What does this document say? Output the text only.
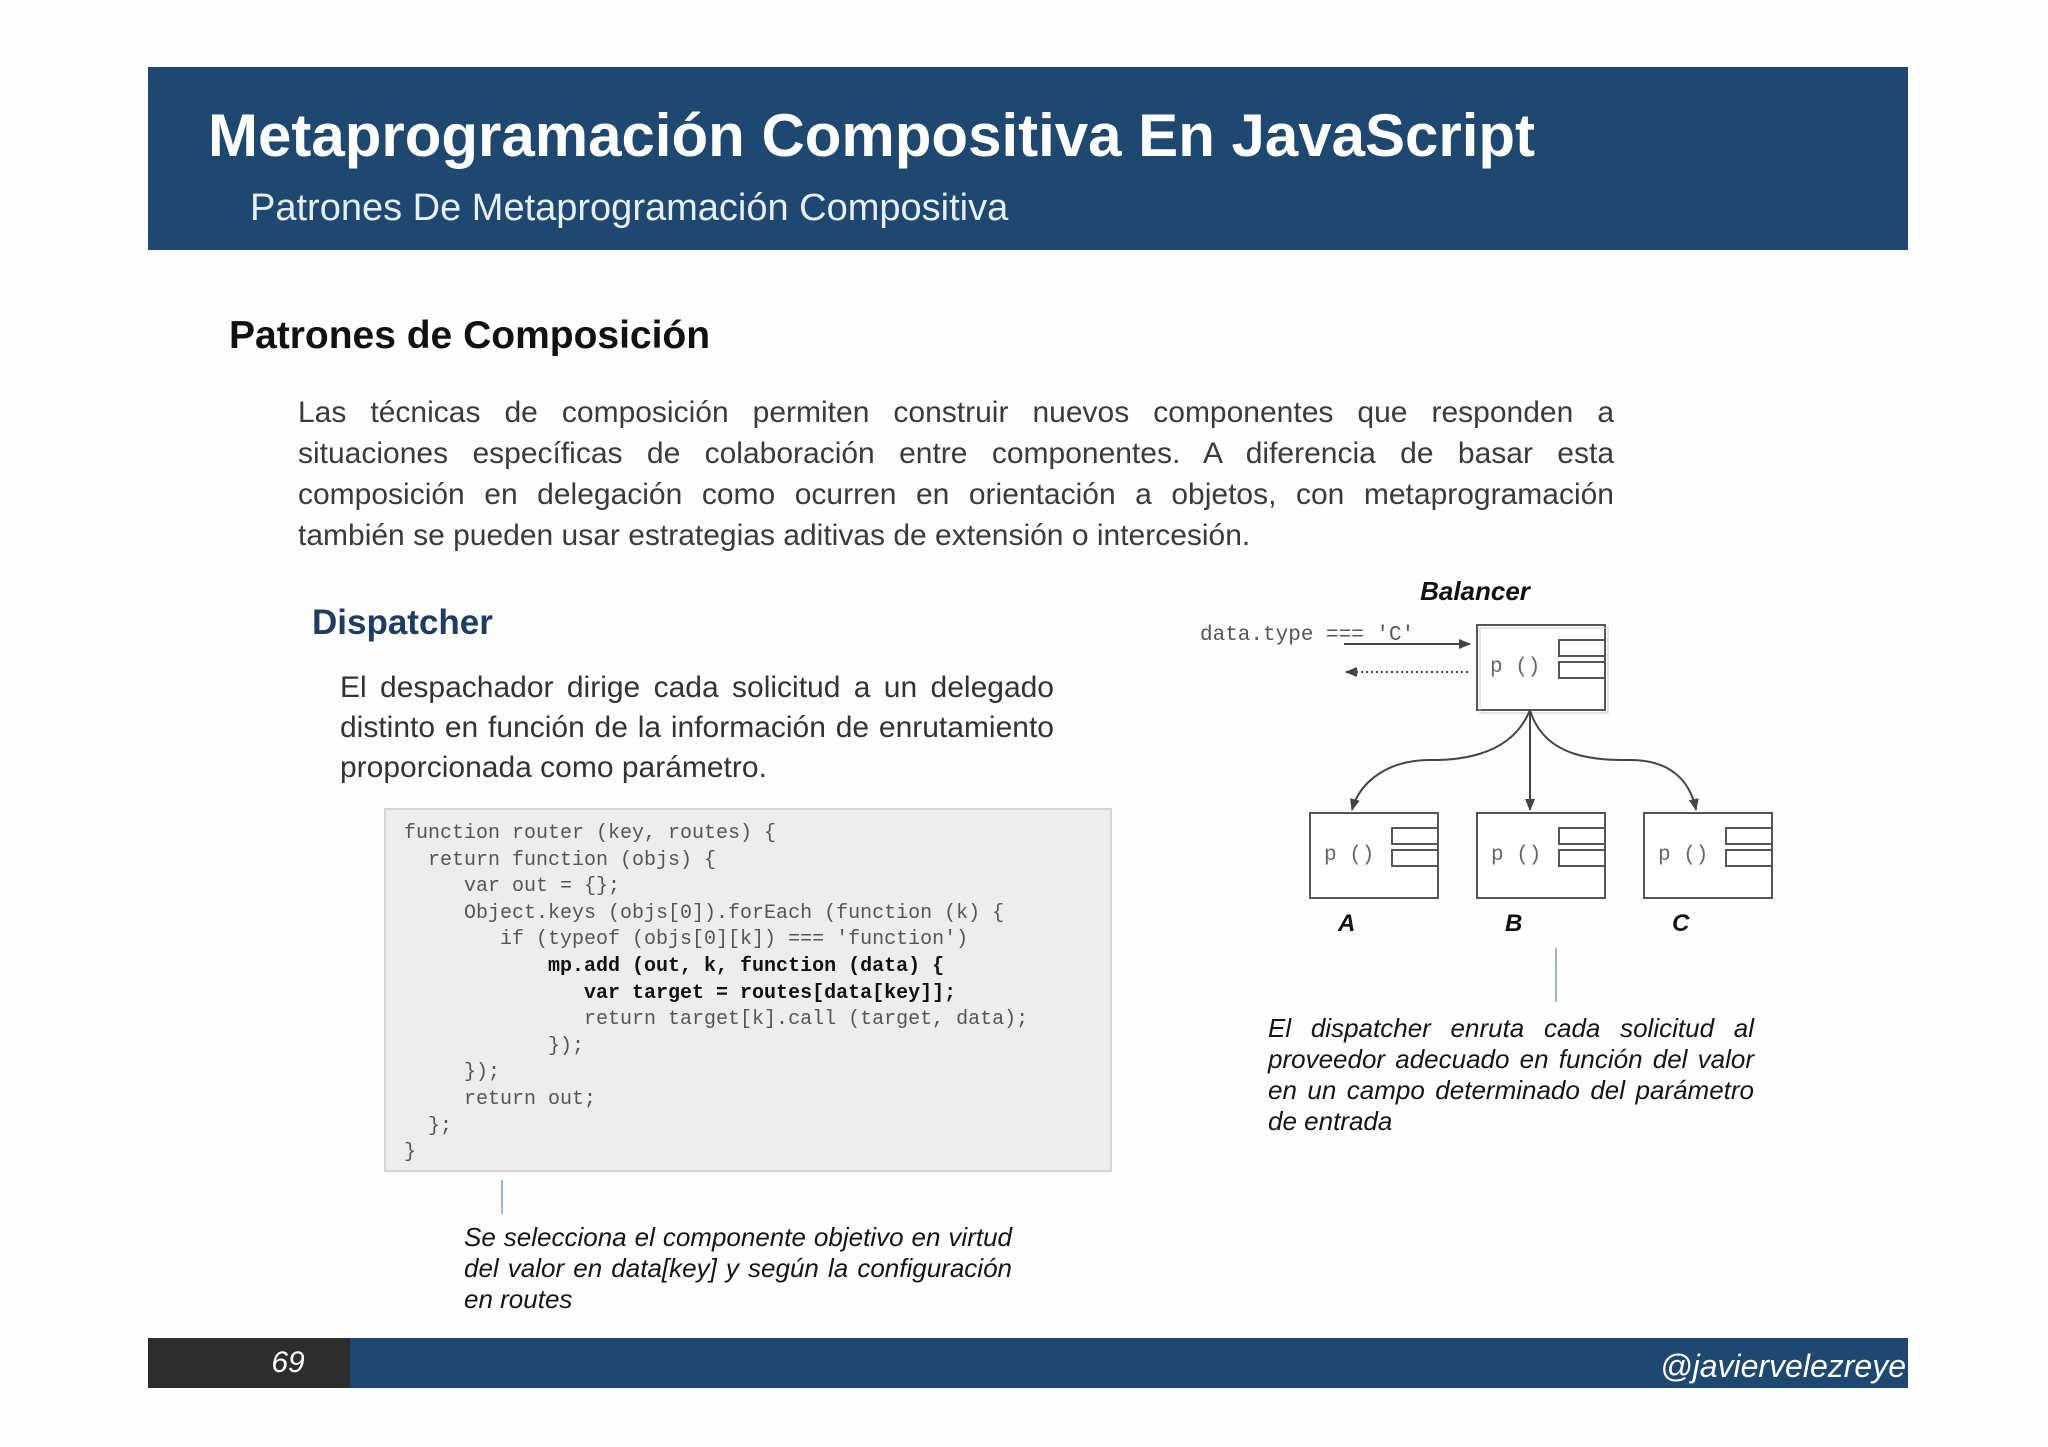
Metaprogramación Compositiva En JavaScript
Patrones De Metaprogramación Compositiva
Patrones de Composición
Las técnicas de composición permiten construir nuevos componentes que responden a situaciones específicas de colaboración entre componentes. A diferencia de basar esta composición en delegación como ocurren en orientación a objetos, con metaprogramación también se pueden usar estrategias aditivas de extensión o intercesión.
Dispatcher
El despachador dirige cada solicitud a un delegado distinto en función de la información de enrutamiento proporcionada como parámetro.
function router (key, routes) {
return function (objs) {
var out = {};
Object.keys (objs[0]).forEach (function (k) {
if (typeof (objs[0][k]) === 'function')
mp.add (out, k, function (data) {
var target = routes[data[key]];
return target[k].call (target, data);
});
});
return out;
};
}
Se selecciona el componente objetivo en virtud del valor en data[key] y según la configuración en routes
Balancer
data.type === 'C'
p ()
p ()	p ()	p ()
A	B	C
El dispatcher enruta cada solicitud al proveedor adecuado en función del valor en un campo determinado del parámetro de entrada
69	@javiervelezreye
